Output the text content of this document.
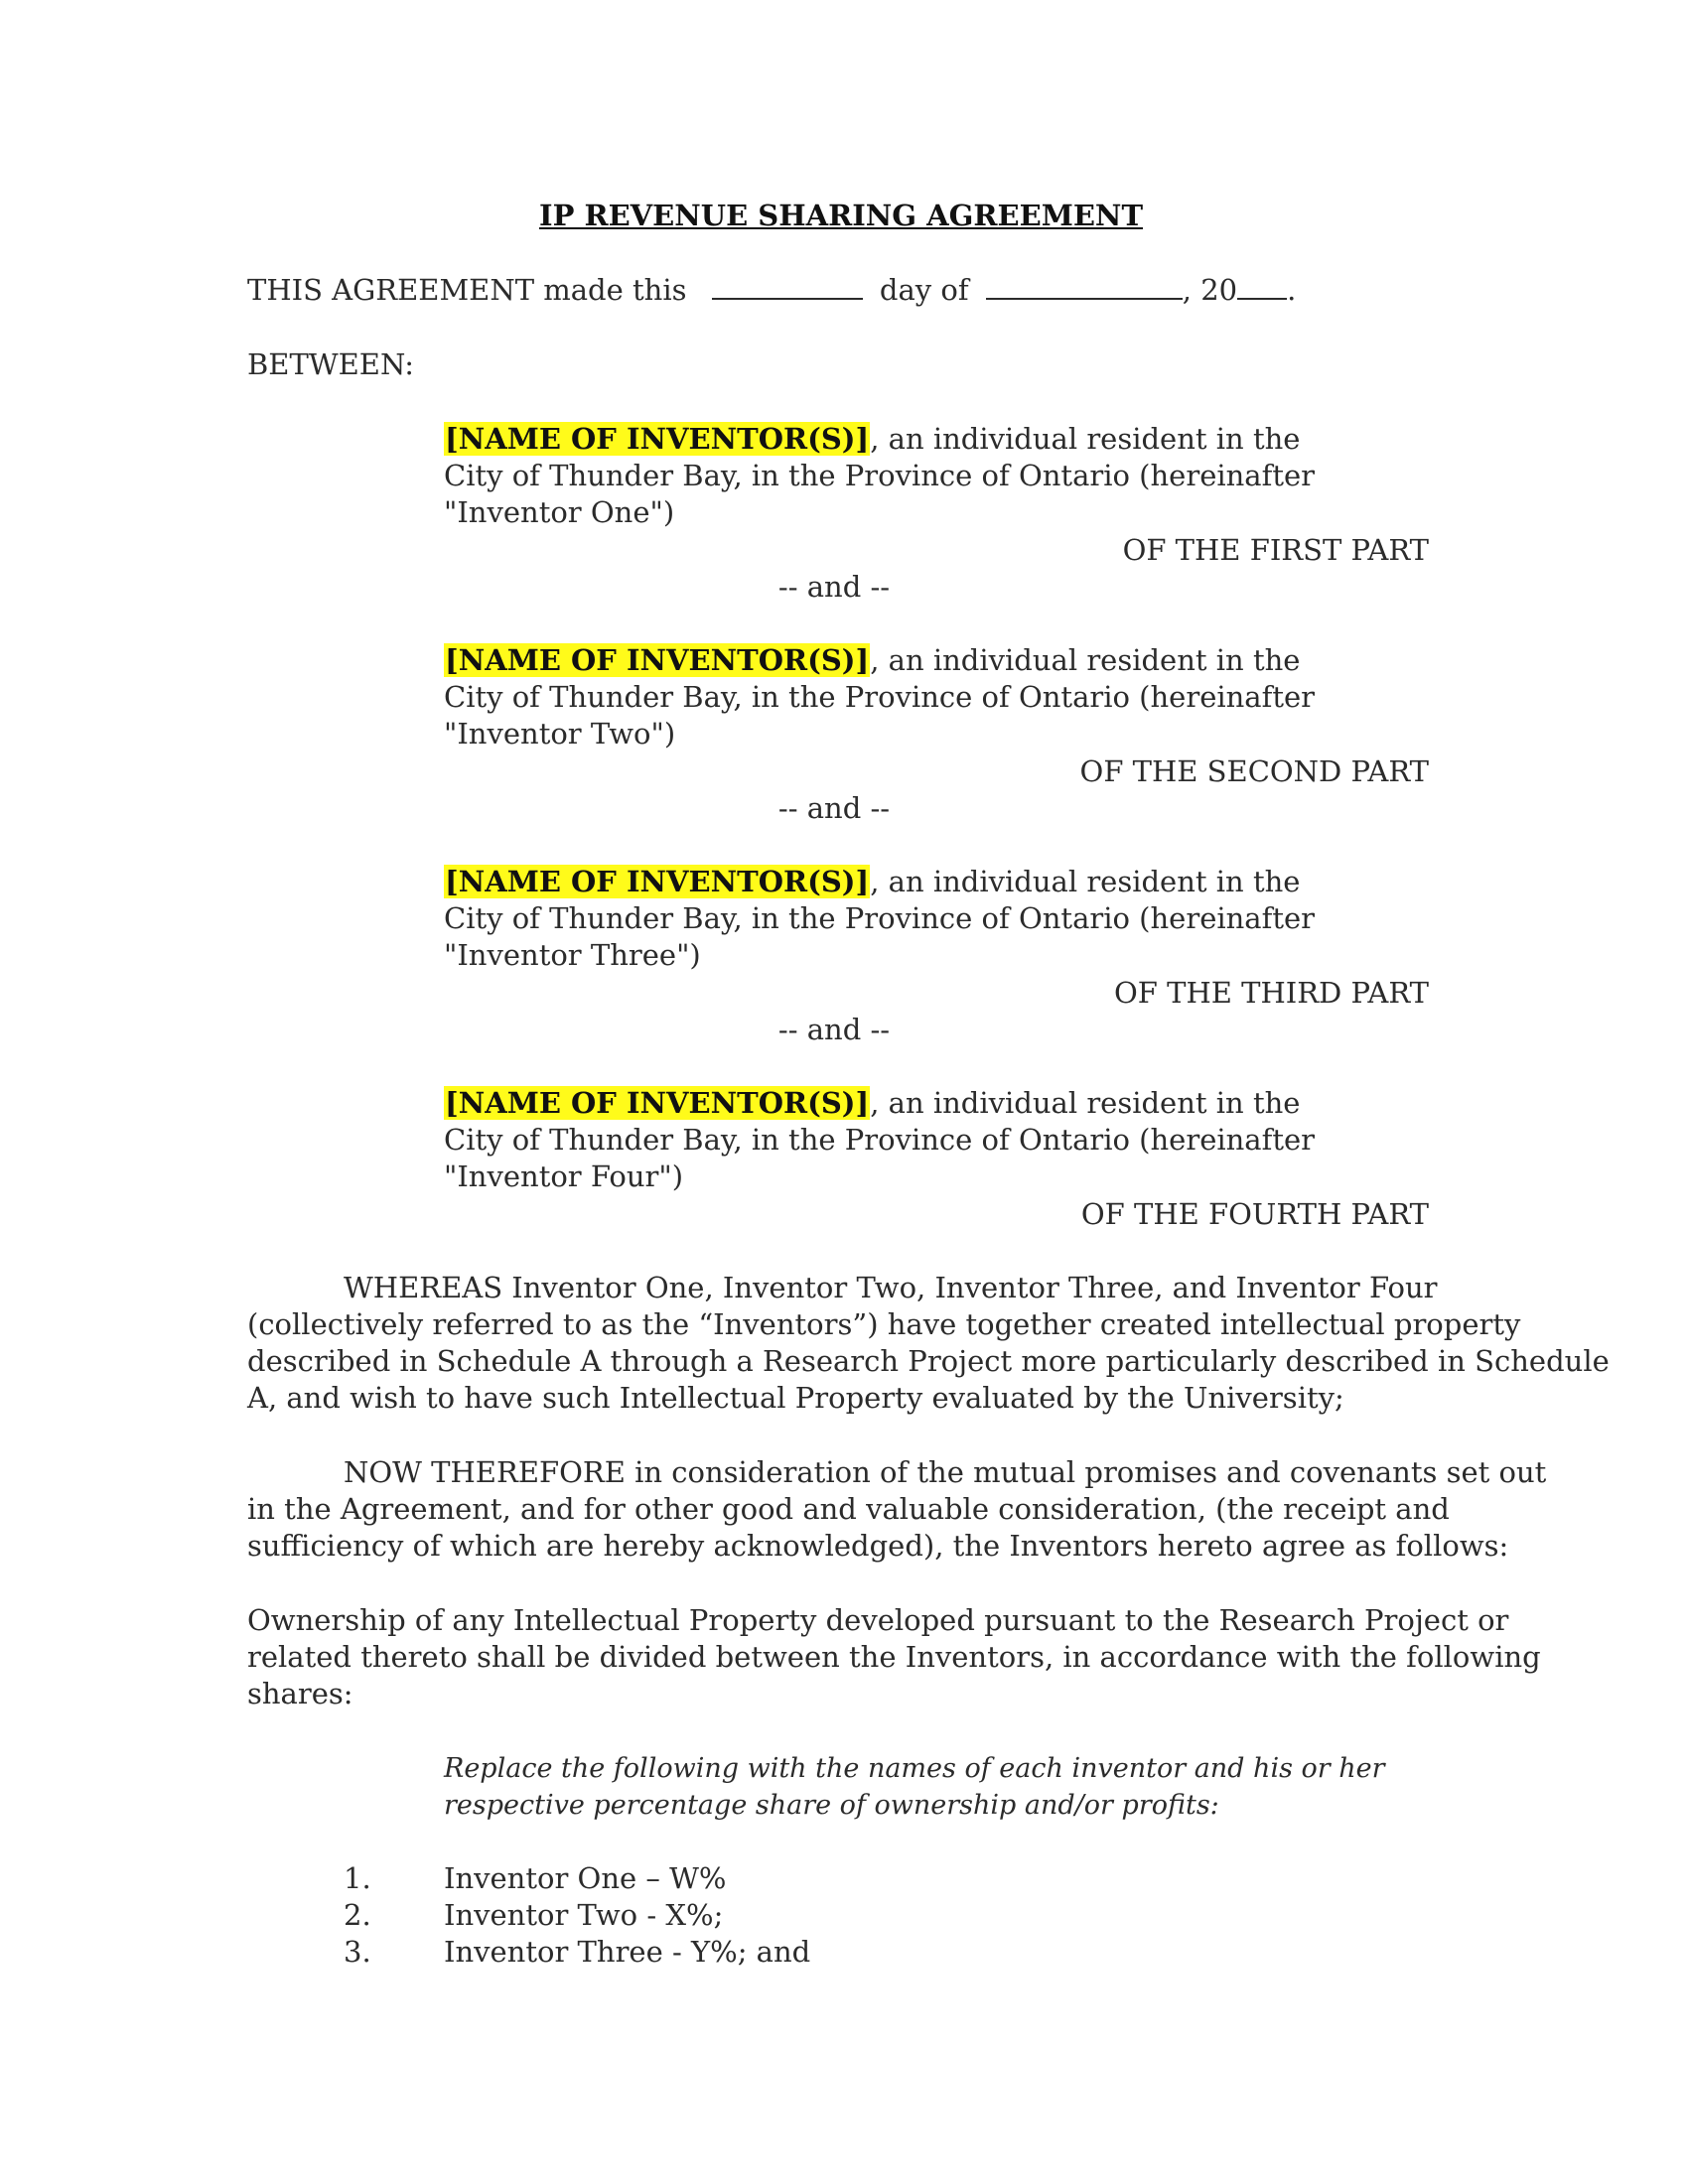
IP REVENUE SHARING AGREEMENT
THIS AGREEMENT made this	day of	, 20 .
BETWEEN:
[NAME OF INVENTOR(S)], an individual resident in the
City of Thunder Bay, in the Province of Ontario (hereinafter
"Inventor One")
OF THE FIRST PART
-- and --
[NAME OF INVENTOR(S)], an individual resident in the
City of Thunder Bay, in the Province of Ontario (hereinafter
"Inventor Two")
OF THE SECOND PART
-- and --
[NAME OF INVENTOR(S)], an individual resident in the
City of Thunder Bay, in the Province of Ontario (hereinafter
"Inventor Three")
OF THE THIRD PART
-- and --
[NAME OF INVENTOR(S)], an individual resident in the
City of Thunder Bay, in the Province of Ontario (hereinafter
"Inventor Four")
OF THE FOURTH PART
WHEREAS Inventor One, Inventor Two, Inventor Three, and Inventor Four
(collectively referred to as the “Inventors”) have together created intellectual property
described in Schedule A through a Research Project more particularly described in Schedule
A, and wish to have such Intellectual Property evaluated by the University;
NOW THEREFORE in consideration of the mutual promises and covenants set out
in the Agreement, and for other good and valuable consideration, (the receipt and
sufficiency of which are hereby acknowledged), the Inventors hereto agree as follows:
Ownership of any Intellectual Property developed pursuant to the Research Project or
related thereto shall be divided between the Inventors, in accordance with the following
shares:
Replace the following with the names of each inventor and his or her
respective percentage share of ownership and/or profits:
1.	Inventor One – W%
2.	Inventor Two - X%;
3.	Inventor Three - Y%; and
